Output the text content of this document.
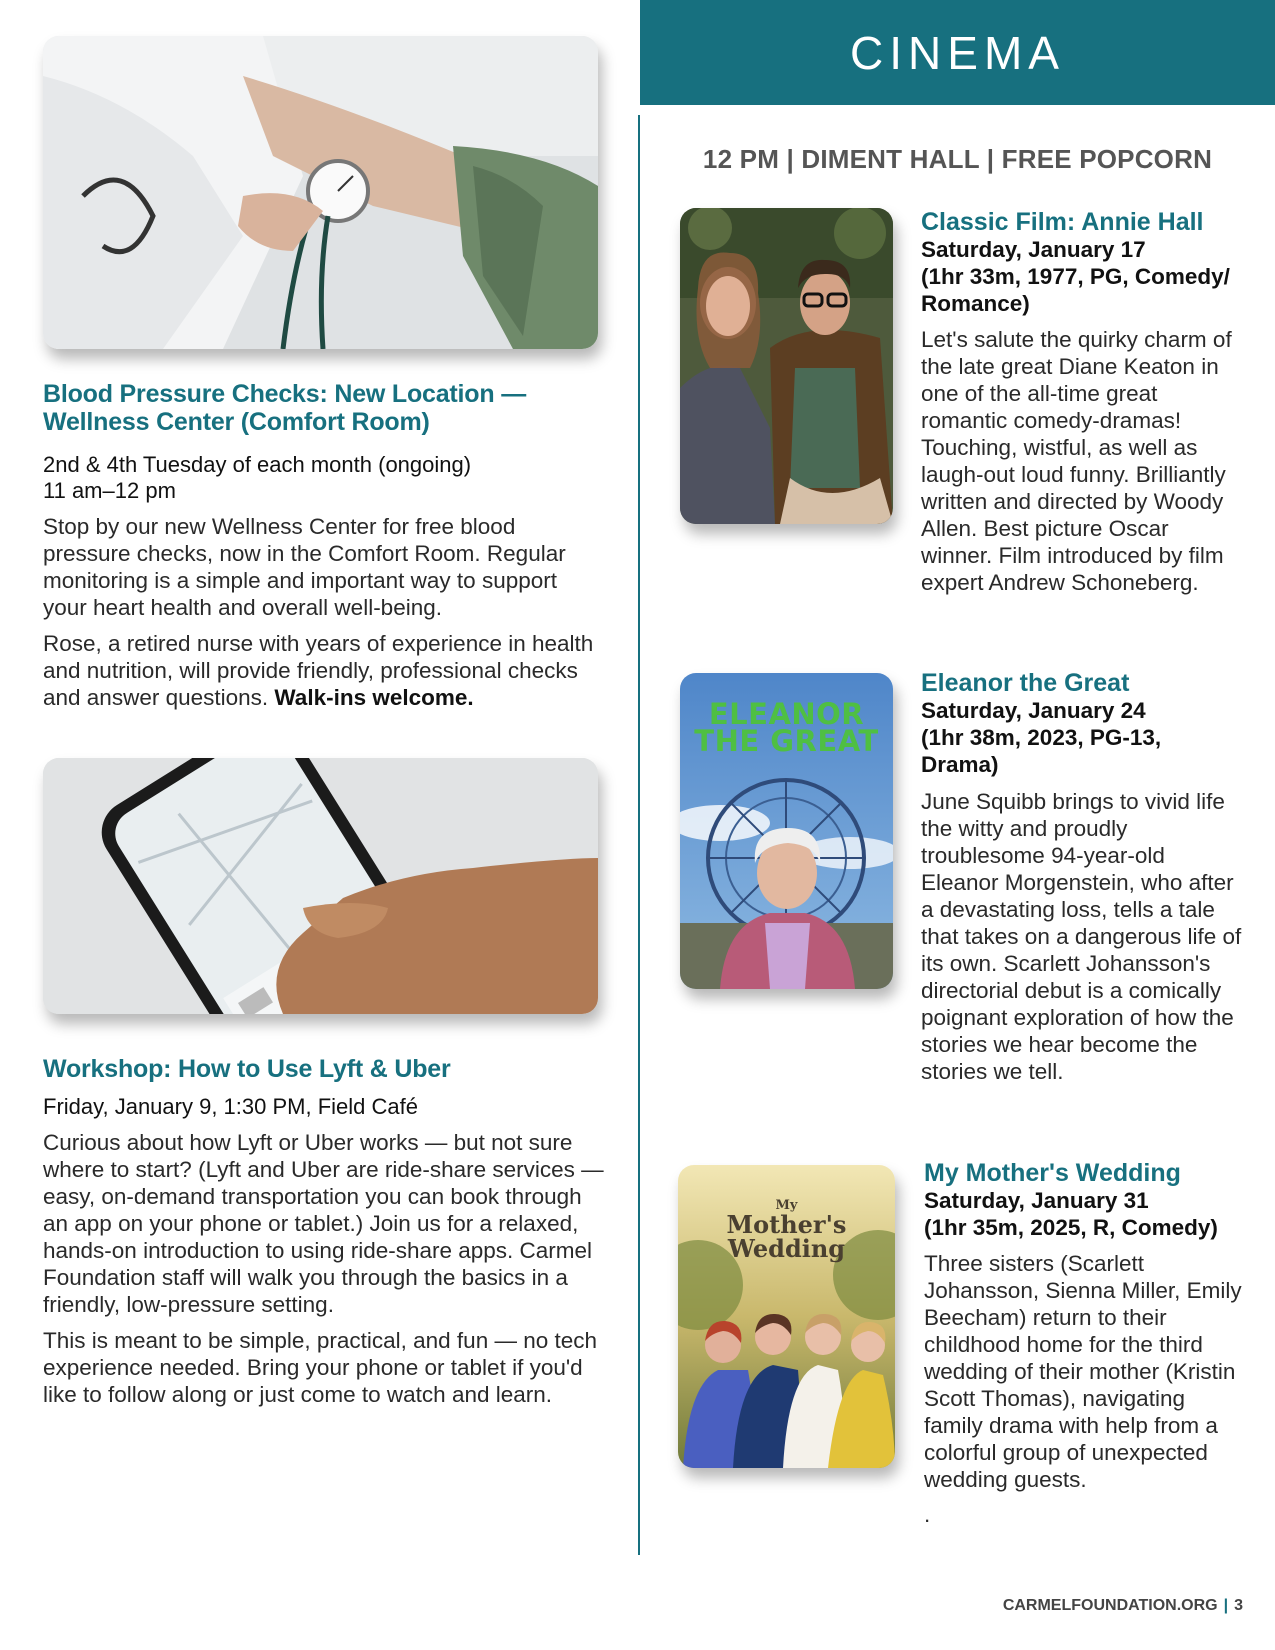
Blood Pressure Checks: New Location —
Wellness Center (Comfort Room)
2nd & 4th Tuesday of each month (ongoing)
11 am–12 pm

Stop by our new Wellness Center for free blood pressure checks, now in the Comfort Room. Regular monitoring is a simple and important way to support your heart health and overall well-being.

Rose, a retired nurse with years of experience in health and nutrition, will provide friendly, professional checks and answer questions. Walk-ins welcome.

Workshop: How to Use Lyft & Uber
Friday, January 9, 1:30 PM, Field Café

Curious about how Lyft or Uber works — but not sure where to start? (Lyft and Uber are ride-share services — easy, on-demand transportation you can book through an app on your phone or tablet.) Join us for a relaxed, hands-on introduction to using ride-share apps. Carmel Foundation staff will walk you through the basics in a friendly, low-pressure setting.

This is meant to be simple, practical, and fun — no tech experience needed. Bring your phone or tablet if you'd like to follow along or just come to watch and learn.

CINEMA
12 PM | DIMENT HALL | FREE POPCORN
Classic Film: Annie Hall
Saturday, January 17
(1hr 33m, 1977, PG, Comedy/
Romance)
Let's salute the quirky charm of the late great Diane Keaton in one of the all-time great romantic comedy-dramas! Touching, wistful, as well as laugh-out loud funny. Brilliantly written and directed by Woody Allen. Best picture Oscar winner. Film introduced by film expert Andrew Schoneberg.
ELEANOR
THE GREAT
Eleanor the Great
Saturday, January 24
(1hr 38m, 2023, PG-13,
Drama)
June Squibb brings to vivid life the witty and proudly troublesome 94-year-old Eleanor Morgenstein, who after a devastating loss, tells a tale that takes on a dangerous life of its own. Scarlett Johansson's directorial debut is a comically poignant exploration of how the stories we hear become the stories we tell.
My
Mother's
Wedding
My Mother's Wedding
Saturday, January 31
(1hr 35m, 2025, R, Comedy)
Three sisters (Scarlett Johansson, Sienna Miller, Emily Beecham) return to their childhood home for the third wedding of their mother (Kristin Scott Thomas), navigating family drama with help from a colorful group of unexpected wedding guests.
.
CARMELFOUNDATION.ORG | 3
